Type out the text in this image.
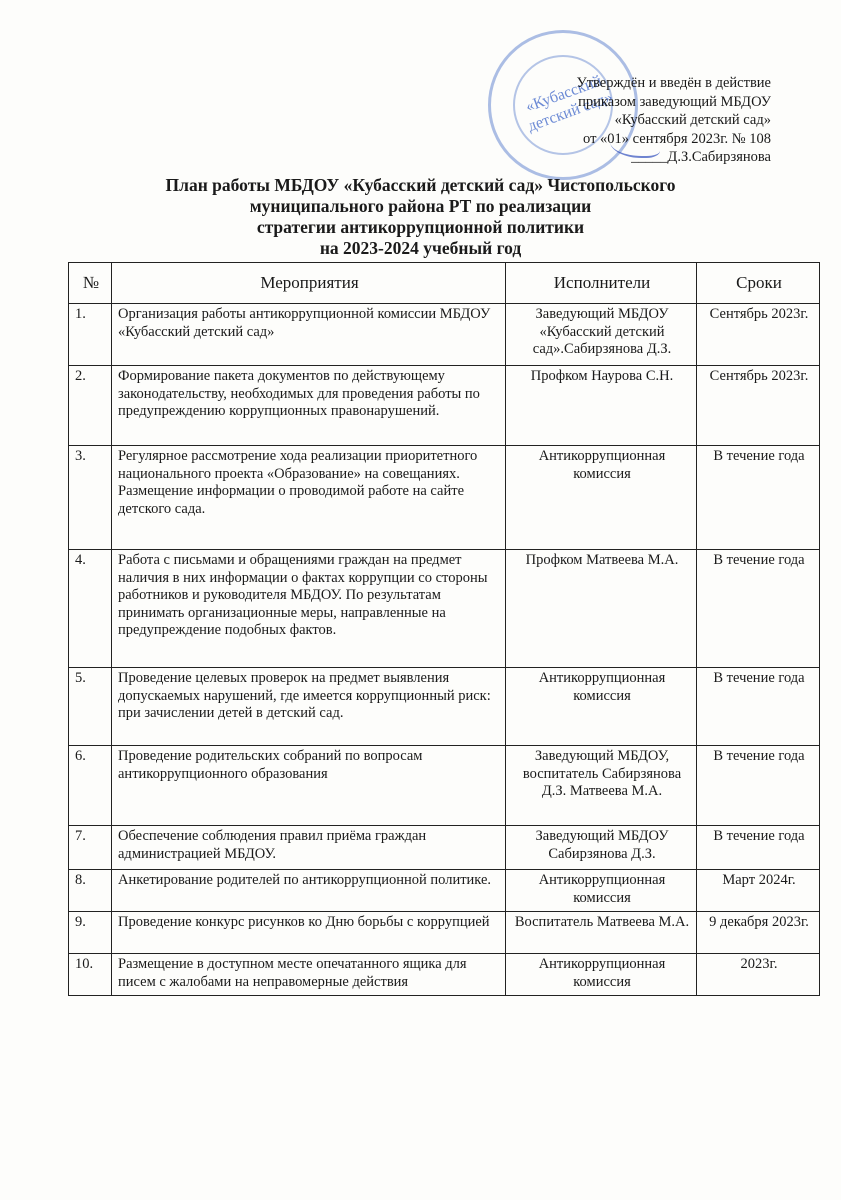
«Кубасский детский сад»
Утверждён и введён в действие
приказом заведующий МБДОУ
«Кубасский детский сад»
от «01» сентября 2023г. № 108
_____Д.З.Сабирзянова
План работы МБДОУ «Кубасский детский сад» Чистопольского
муниципального района РТ по реализации
стратегии антикоррупционной политики
на 2023-2024 учебный год
№	Мероприятия	Исполнители	Сроки
1.	Организация работы антикоррупционной комиссии МБДОУ «Кубасский детский сад»	Заведующий МБДОУ «Кубасский детский сад».Сабирзянова Д.З.	Сентябрь 2023г.
2.	Формирование пакета документов по действующему законодательству, необходимых для проведения работы по предупреждению коррупционных правонарушений.	Профком Наурова С.Н.	Сентябрь 2023г.
3.	Регулярное рассмотрение хода реализации приоритетного национального проекта «Образование» на совещаниях. Размещение информации о проводимой работе на сайте детского сада.	Антикоррупционная комиссия	В течение года
4.	Работа с письмами и обращениями граждан на предмет наличия в них информации о фактах коррупции со стороны работников и руководителя МБДОУ. По результатам принимать организационные меры, направленные на предупреждение подобных фактов.	Профком Матвеева М.А.	В течение года
5.	Проведение целевых проверок на предмет выявления допускаемых нарушений, где имеется коррупционный риск: при зачислении детей в детский сад.	Антикоррупционная комиссия	В течение года
6.	Проведение родительских собраний по вопросам антикоррупционного образования	Заведующий МБДОУ, воспитатель Сабирзянова Д.З. Матвеева М.А.	В течение года
7.	Обеспечение соблюдения правил приёма граждан администрацией МБДОУ.	Заведующий МБДОУ Сабирзянова Д.З.	В течение года
8.	Анкетирование родителей по антикоррупционной политике.	Антикоррупционная комиссия	Март 2024г.
9.	Проведение конкурс рисунков ко Дню борьбы с коррупцией	Воспитатель Матвеева М.А.	9 декабря 2023г.
10.	Размещение в доступном месте опечатанного ящика для писем с жалобами на неправомерные действия	Антикоррупционная комиссия	2023г.
